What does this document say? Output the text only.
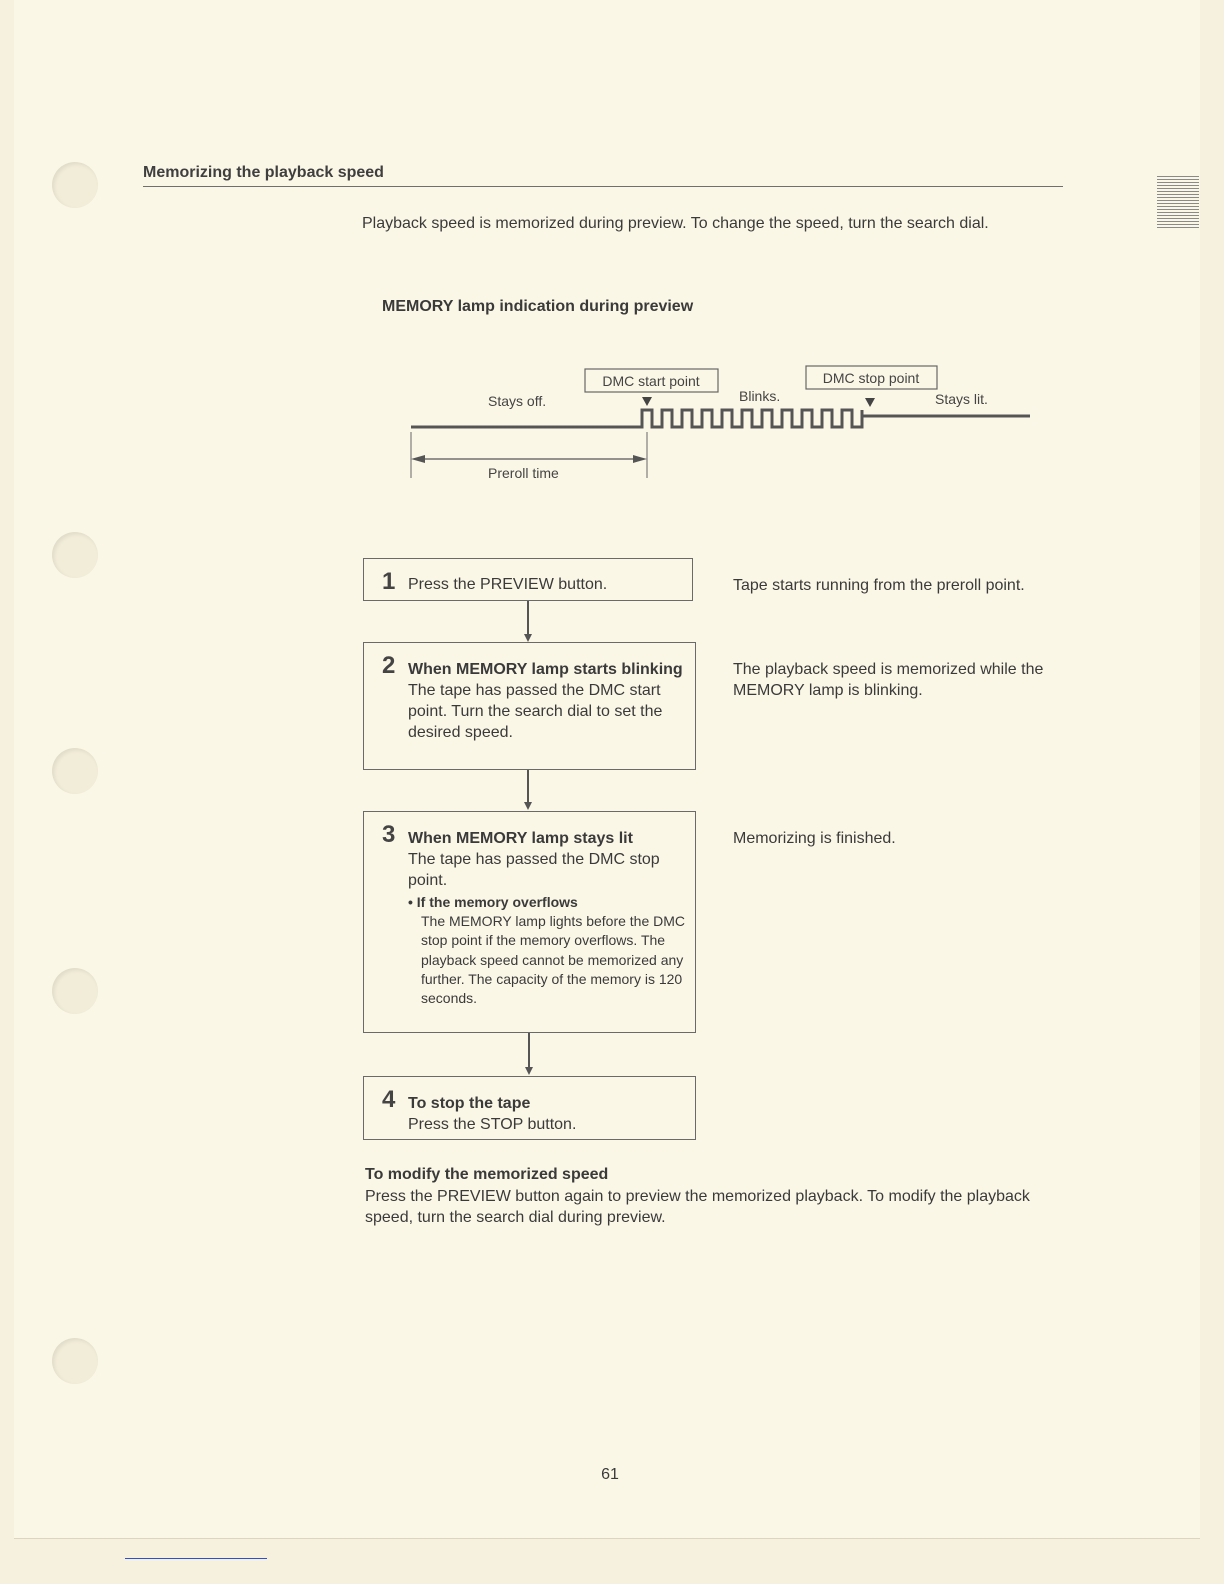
Memorizing the playback speed
Playback speed is memorized during preview. To change the speed, turn the search dial.
MEMORY lamp indication during preview
DMC start point	DMC stop point
Stays off.	Blinks.	Stays lit.
Preroll time
1 Press the PREVIEW button.
2 When MEMORY lamp starts blinking
The tape has passed the DMC start point. Turn the search dial to set the desired speed.
3 When MEMORY lamp stays lit
The tape has passed the DMC stop point.
• If the memory overflows
The MEMORY lamp lights before the DMC stop point if the memory overflows. The playback speed cannot be memorized any further. The capacity of the memory is 120 seconds.
4 To stop the tape
Press the STOP button.
Tape starts running from the preroll point.
The playback speed is memorized while the MEMORY lamp is blinking.
Memorizing is finished.
To modify the memorized speed
Press the PREVIEW button again to preview the memorized playback. To modify the playback speed, turn the search dial during preview.
61
